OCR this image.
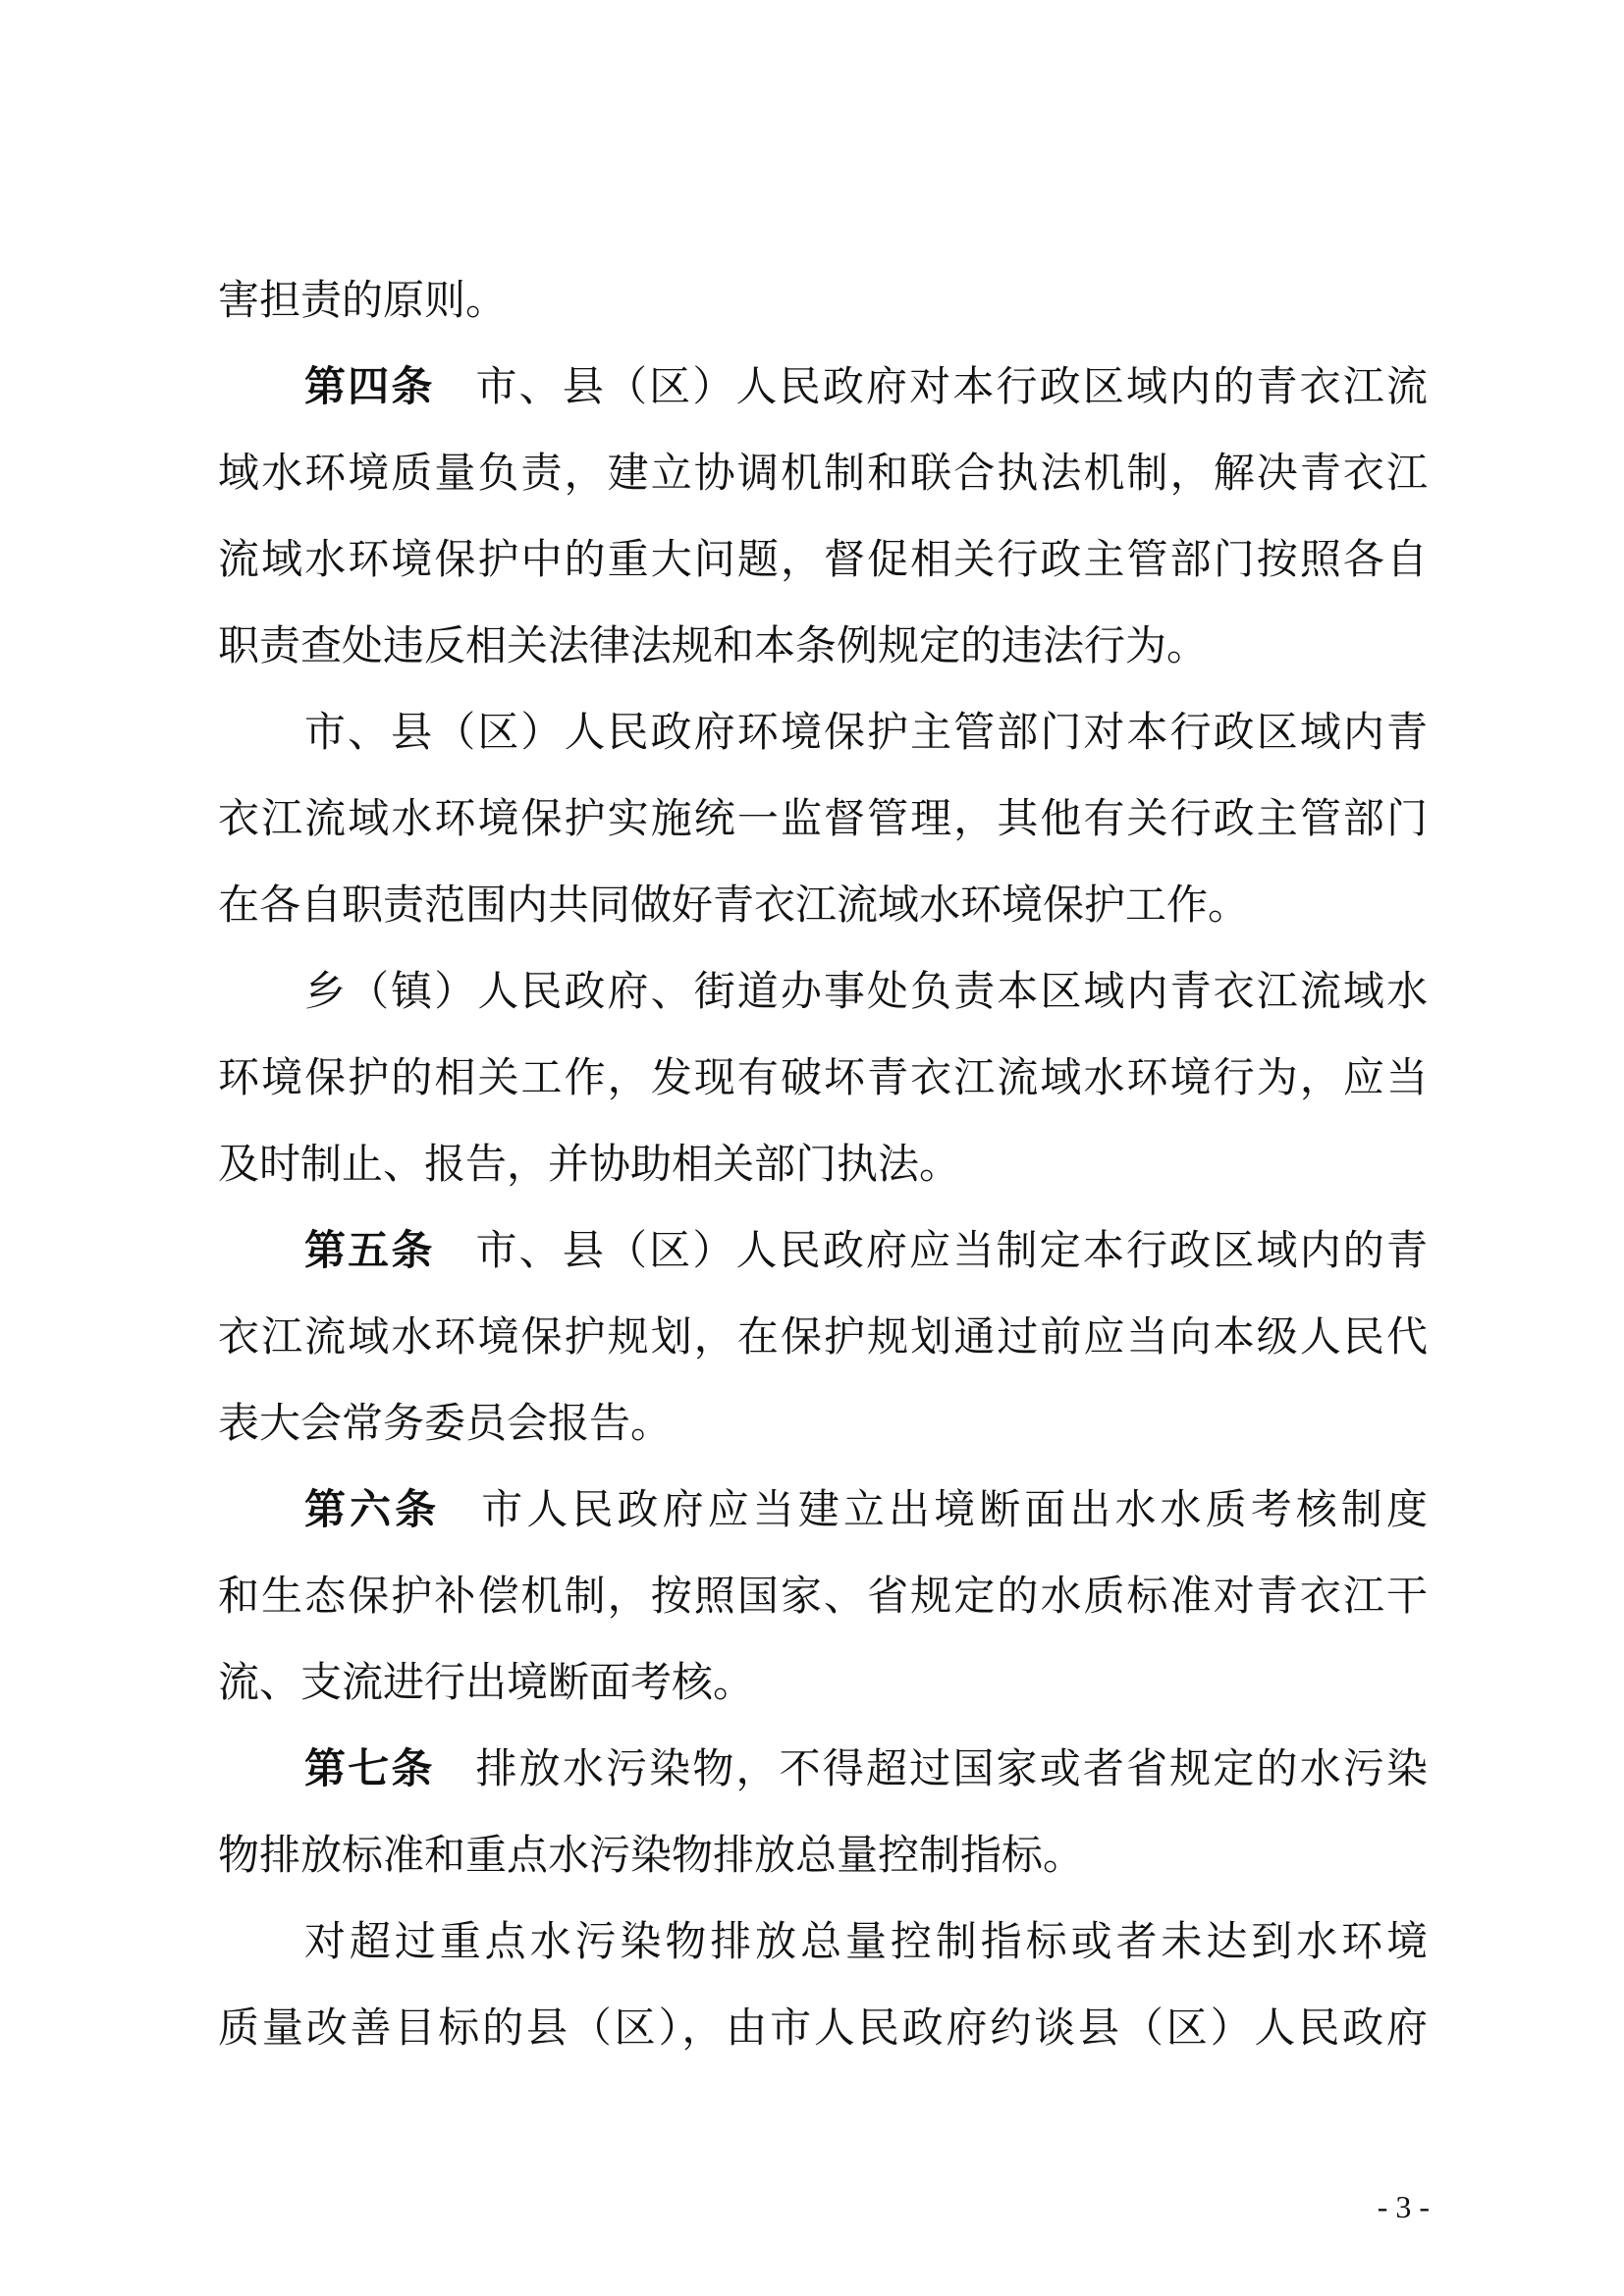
害担责的原则。
第四条 市、县（区）人民政府对本行政区域内的青衣江流
域水环境质量负责，建立协调机制和联合执法机制，解决青衣江
流域水环境保护中的重大问题，督促相关行政主管部门按照各自
职责查处违反相关法律法规和本条例规定的违法行为。
市、县（区）人民政府环境保护主管部门对本行政区域内青
衣江流域水环境保护实施统一监督管理，其他有关行政主管部门
在各自职责范围内共同做好青衣江流域水环境保护工作。
乡（镇）人民政府、街道办事处负责本区域内青衣江流域水
环境保护的相关工作，发现有破坏青衣江流域水环境行为，应当
及时制止、报告，并协助相关部门执法。
第五条 市、县（区）人民政府应当制定本行政区域内的青
衣江流域水环境保护规划，在保护规划通过前应当向本级人民代
表大会常务委员会报告。
第六条 市人民政府应当建立出境断面出水水质考核制度
和生态保护补偿机制，按照国家、省规定的水质标准对青衣江干
流、支流进行出境断面考核。
第七条 排放水污染物，不得超过国家或者省规定的水污染
物排放标准和重点水污染物排放总量控制指标。
对超过重点水污染物排放总量控制指标或者未达到水环境
质量改善目标的县（区），由市人民政府约谈县（区）人民政府
- 3 -
